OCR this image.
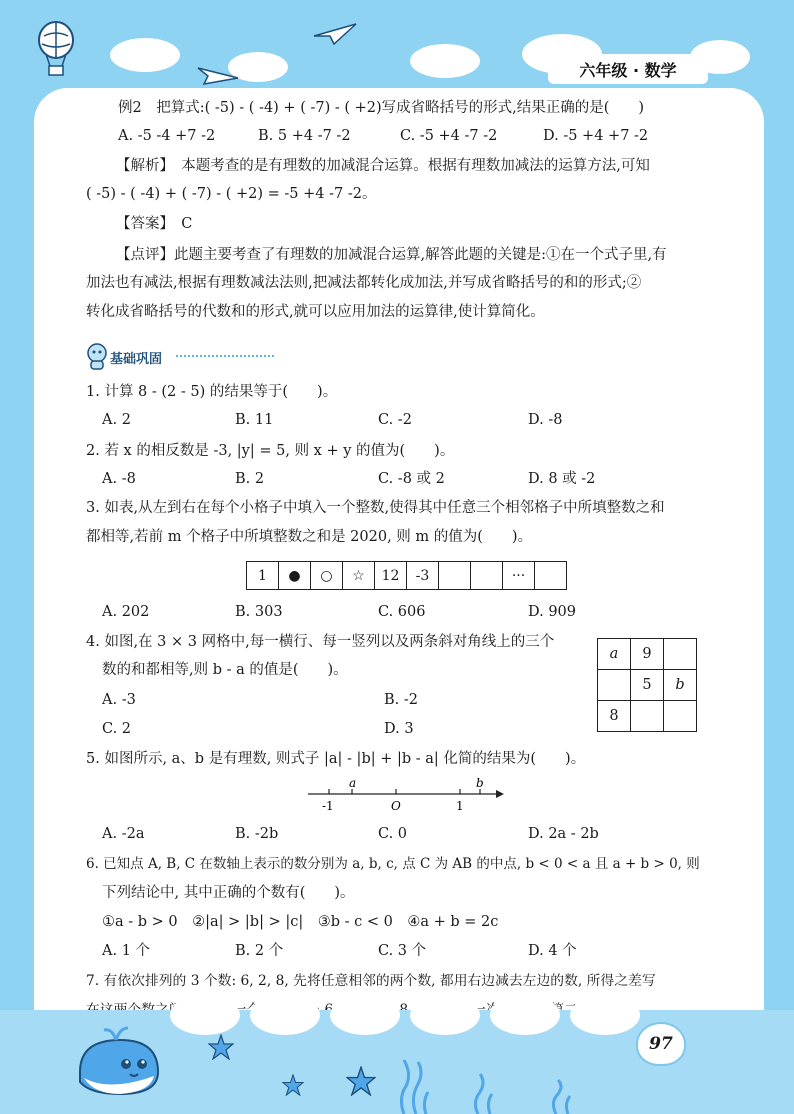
六年级 · 数学
例2　把算式:( -5) - ( -4) + ( -7) - ( +2)写成省略括号的形式,结果正确的是(　　)
A. -5 -4 +7 -2	B. 5 +4 -7 -2	C. -5 +4 -7 -2	D. -5 +4 +7 -2
【解析】　本题考查的是有理数的加减混合运算。根据有理数加减法的运算方法,可知
( -5) - ( -4) + ( -7) - ( +2) = -5 +4 -7 -2。
【答案】　C
【点评】此题主要考查了有理数的加减混合运算,解答此题的关键是:①在一个式子里,有
加法也有减法,根据有理数减法法则,把减法都转化成加法,并写成省略括号的和的形式;②
转化成省略括号的代数和的形式,就可以应用加法的运算律,使计算简化。
基础巩固
1. 计算 8 - (2 - 5) 的结果等于(　　)。
A. 2	B. 11	C. -2	D. -8
2. 若 x 的相反数是 -3, |y| = 5, 则 x + y 的值为(　　)。
A. -8	B. 2	C. -8 或 2	D. 8 或 -2
3. 如表,从左到右在每个小格子中填入一个整数,使得其中任意三个相邻格子中所填整数之和
都相等,若前 m 个格子中所填整数之和是 2020, 则 m 的值为(　　)。
1	●	○	☆	12	-3			···	
A. 202	B. 303	C. 606	D. 909
4. 如图,在 3 × 3 网格中,每一横行、每一竖列以及两条斜对角线上的三个
数的和都相等,则 b - a 的值是(　　)。
a	9	
	5	b
8		
A. -3	B. -2
C. 2	D. 3
5. 如图所示, a、b 是有理数, 则式子 |a| - |b| + |b - a| 化简的结果为(　　)。
a	b
-1	O	1
A. -2a	B. -2b	C. 0	D. 2a - 2b
6. 已知点 A, B, C 在数轴上表示的数分别为 a, b, c, 点 C 为 AB 的中点, b < 0 < a 且 a + b > 0, 则
下列结论中, 其中正确的个数有(　　)。
①a - b > 0　②|a| > |b| > |c|　③b - c < 0　④a + b = 2c
A. 1 个	B. 2 个	C. 3 个	D. 4 个
7. 有依次排列的 3 个数: 6, 2, 8, 先将任意相邻的两个数, 都用右边减去左边的数, 所得之差写
97
